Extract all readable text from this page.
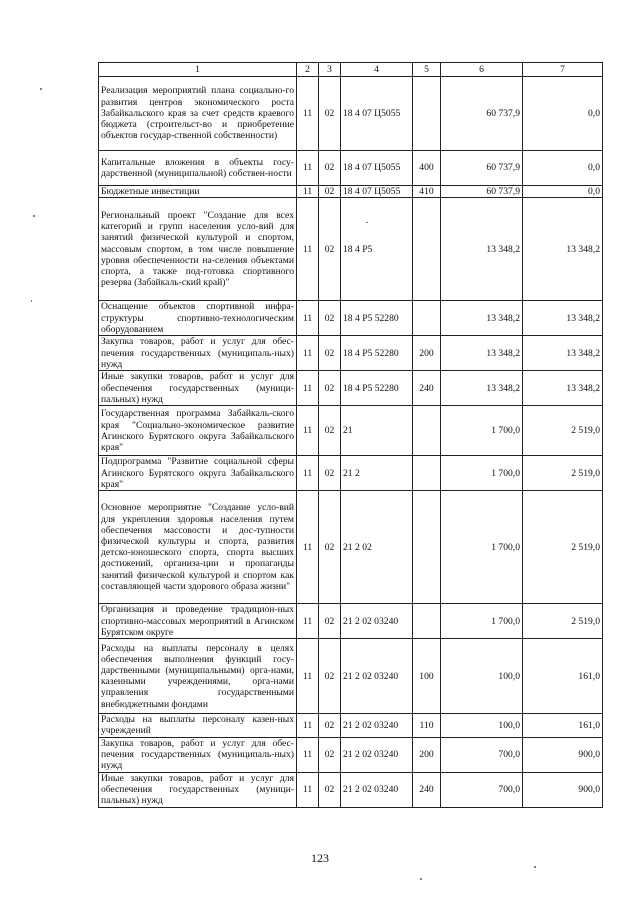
1	2	3	4	5	6	7
Реализация мероприятий плана социально-го развития центров экономического роста Забайкальского края за счет средств краевого бюджета (строительст-во и приобретение объектов государ-ственной собственности)	11	02	18 4 07 Ц5055		60 737,9	0,0
Капитальные вложения в объекты госу-дарственной (муниципальной) собствен-ности	11	02	18 4 07 Ц5055	400	60 737,9	0,0
Бюджетные инвестиции	11	02	18 4 07 Ц5055	410	60 737,9	0,0
Региональный проект "Создание для всех категорий и групп населения усло-вий для занятий физической культурой и спортом, массовым спортом, в том числе повышение уровня обеспеченности на-селения объектами спорта, а также под-готовка спортивного резерва (Забайкаль-ский край)"	11	02	18 4 Р5		13 348,2	13 348,2
Оснащение объектов спортивной инфра-структуры спортивно-технологическим оборудованием	11	02	18 4 Р5 52280		13 348,2	13 348,2
Закупка товаров, работ и услуг для обес-печения государственных (муниципаль-ных) нужд	11	02	18 4 Р5 52280	200	13 348,2	13 348,2
Иные закупки товаров, работ и услуг для обеспечения государственных (муници-пальных) нужд	11	02	18 4 Р5 52280	240	13 348,2	13 348,2
Государственная программа Забайкаль-ского края "Социально-экономическое развитие Агинского Бурятского округа Забайкальского края"	11	02	21		1 700,0	2 519,0
Подпрограмма "Развитие социальной сферы Агинского Бурятского округа Забайкальского края"	11	02	21 2		1 700,0	2 519,0
Основное мероприятие "Создание усло-вий для укрепления здоровья населения путем обеспечения массовости и дос-тупности физической культуры и спорта, развития детско-юношеского спорта, спорта высших достижений, организа-ции и пропаганды занятий физической культурой и спортом как составляющей части здорового образа жизни"	11	02	21 2 02		1 700,0	2 519,0
Организация и проведение традицион-ных спортивно-массовых мероприятий в Агинском Бурятском округе	11	02	21 2 02 03240		1 700,0	2 519,0
Расходы на выплаты персоналу в целях обеспечения выполнения функций госу-дарственными (муниципальными) орга-нами, казенными учреждениями, орга-нами управления государственными внебюджетными фондами	11	02	21 2 02 03240	100	100,0	161,0
Расходы на выплаты персоналу казен-ных учреждений	11	02	21 2 02 03240	110	100,0	161,0
Закупка товаров, работ и услуг для обес-печения государственных (муниципаль-ных) нужд	11	02	21 2 02 03240	200	700,0	900,0
Иные закупки товаров, работ и услуг для обеспечения государственных (муници-пальных) нужд	11	02	21 2 02 03240	240	700,0	900,0
123
